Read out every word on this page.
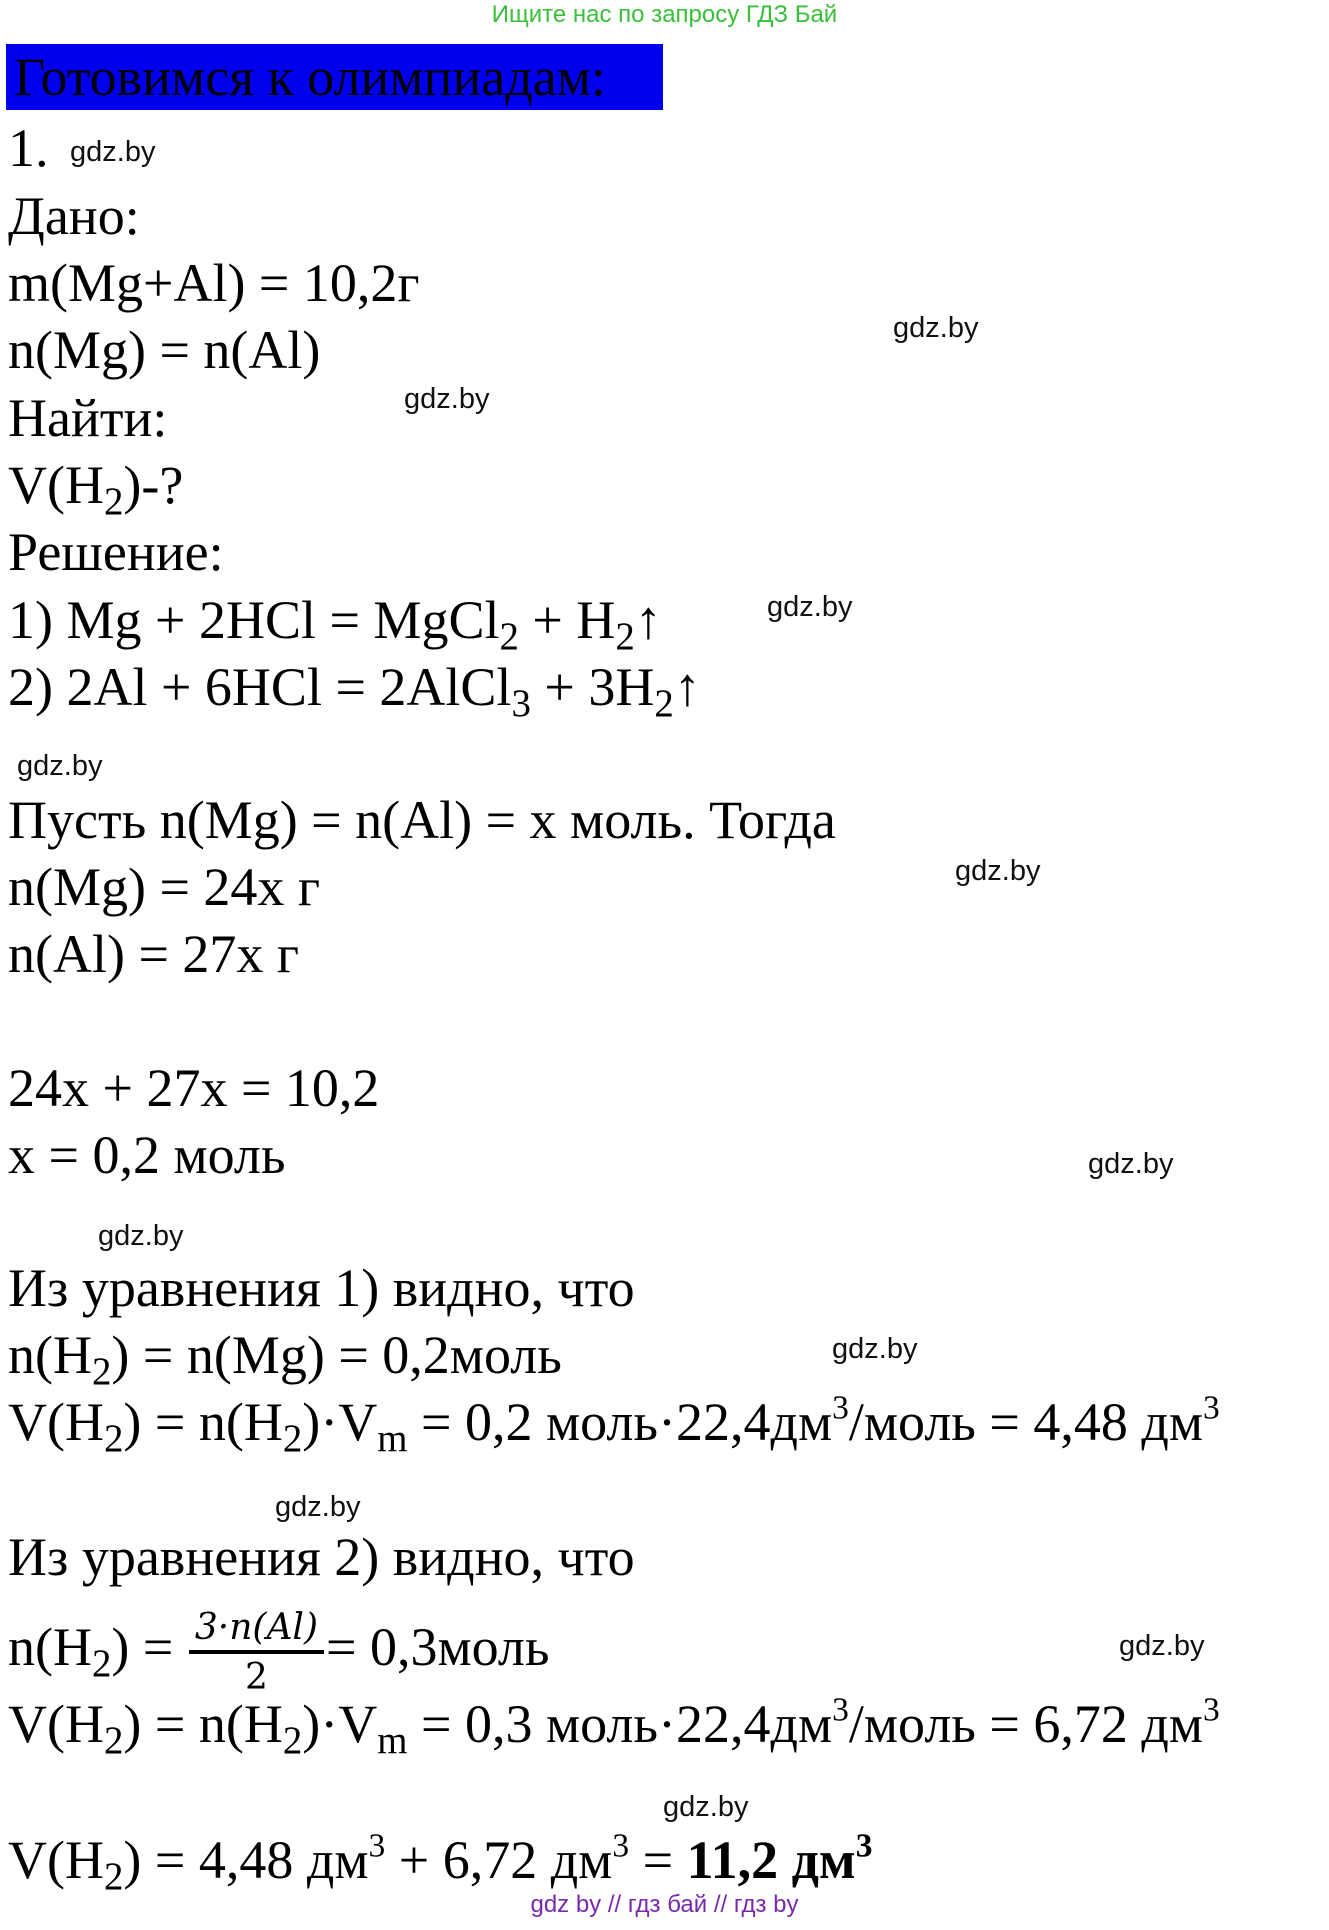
Ищите нас по запросу ГДЗ Бай
Готовимся к олимпиадам:
1.
Дано:
m(Mg+Al) = 10,2г
n(Mg) = n(Al)
Найти:
$V(H_2)-$?
Решение:
1) Mg + 2HCl = MgCl$_2$ + $H_2↑$
2) 2Al + 6HCl = 2AlCl$_3$ + $3H_2↑$
Пусть n(Mg) = n(Al) = x моль. Тогда
n(Mg) = 24x г
n(Al) = 27x г
24x + 27x = 10,2
x = 0,2 моль
Из уравнения 1) видно, что
$n(H_2) = n(Mg)$ = 0,2моль
$V(H_2) = n(H_2)\cdot V_m = 0,2$ $моль\cdot 22,4дм^3$/моль = 4,48 $дм^3$
Из уравнения 2) видно, что
$n(H_2) = \frac{3\cdot n(Al)}{2}$ = 0,3моль
$V(H_2) = n(H_2)\cdot V_m = 0,3$ $моль\cdot 22,4дм^3$/моль = 6,72 $дм^3$
$V(H_2) = 4,48$ $дм^3 + 6,72$ $дм^3 = 11,2$ $дм^3$
gdz.by
gdz.by
gdz.by
gdz.by
gdz.by
gdz.by
gdz.by
gdz.by
gdz.by
gdz.by
gdz.by
gdz.by
gdz by // гдз бай // гдз by
